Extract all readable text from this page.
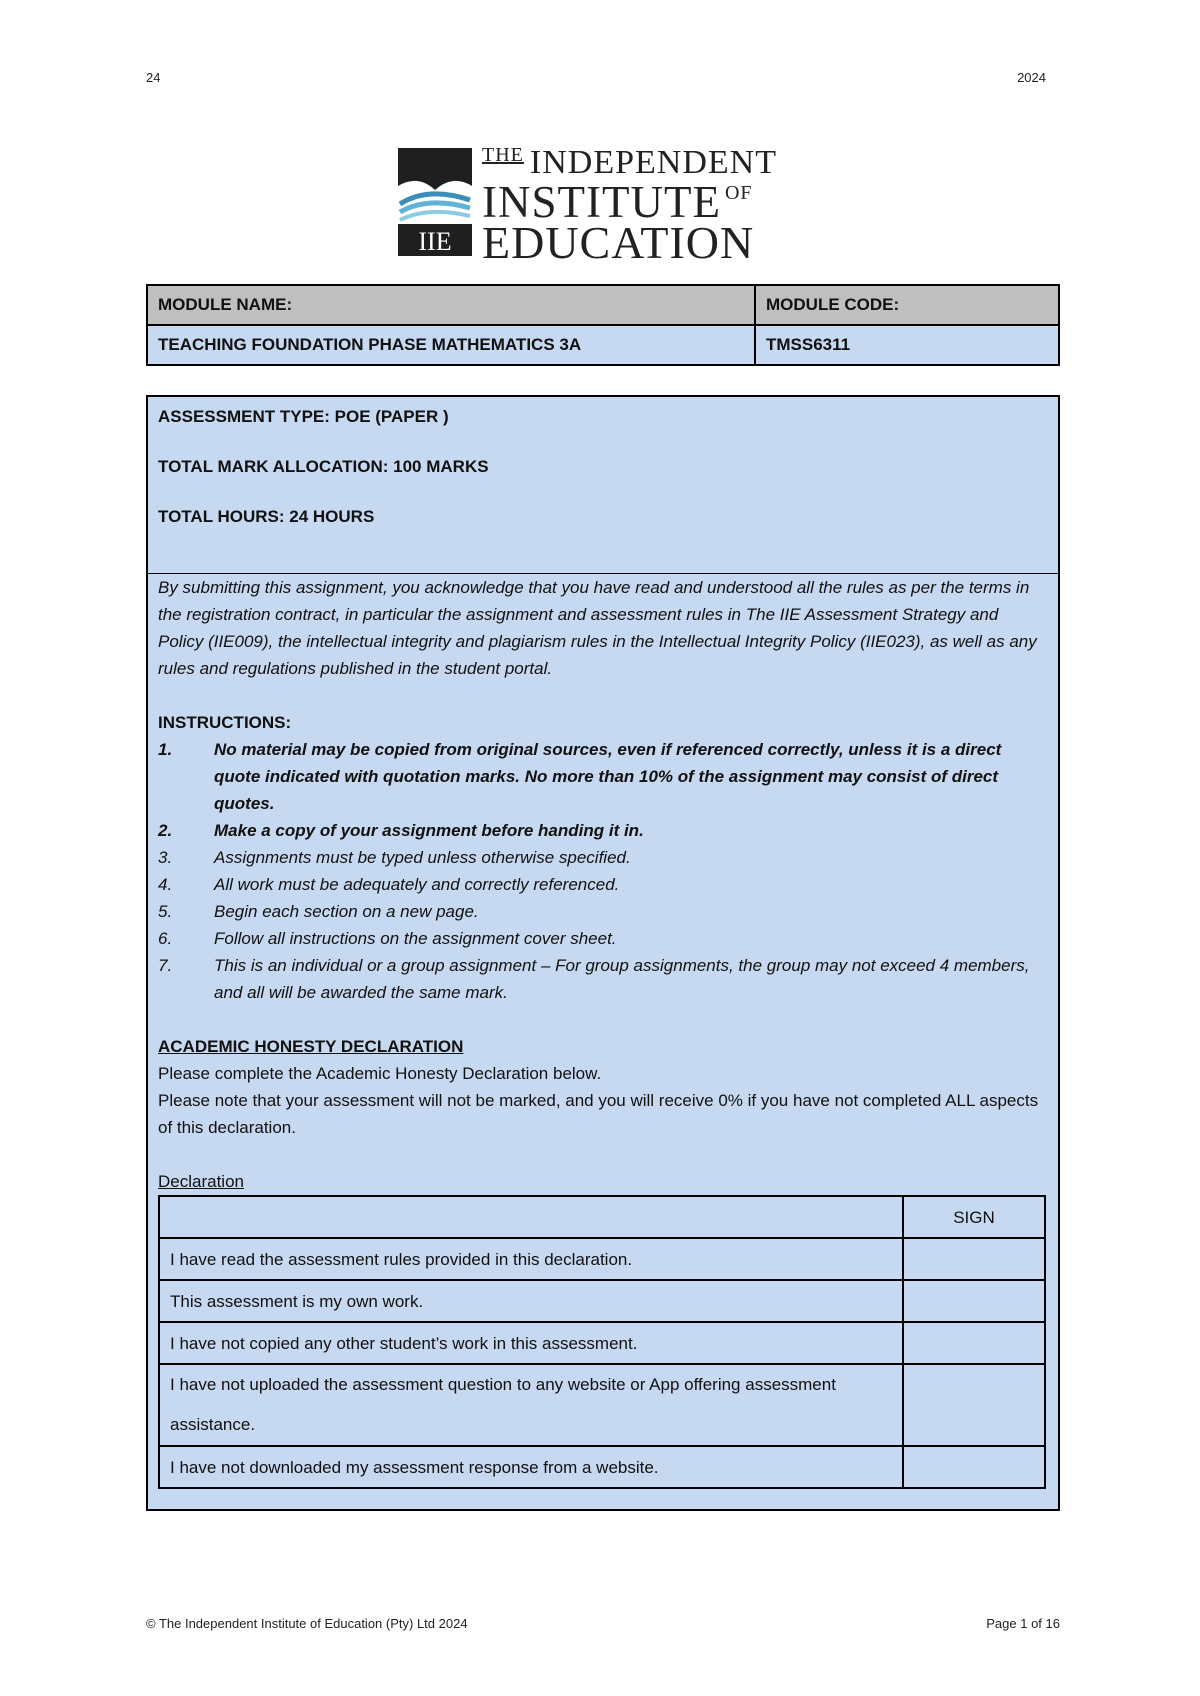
24	2024
IIE
$^{THE}$ INDEPENDENT
INSTITUTE $^{OF}$
EDUCATION
MODULE NAME:	MODULE CODE:
TEACHING FOUNDATION PHASE MATHEMATICS 3A	TMSS6311

ASSESSMENT TYPE: POE (PAPER )

TOTAL MARK ALLOCATION: 100 MARKS

TOTAL HOURS: 24 HOURS

By submitting this assignment, you acknowledge that you have read and understood all the rules as per the terms in the registration contract, in particular the assignment and assessment rules in The IIE Assessment Strategy and Policy (IIE009), the intellectual integrity and plagiarism rules in the Intellectual Integrity Policy (IIE023), as well as any rules and regulations published in the student portal.

INSTRUCTIONS:

1. No material may be copied from original sources, even if referenced correctly, unless it is a direct quote indicated with quotation marks. No more than 10% of the assignment may consist of direct quotes.
2. Make a copy of your assignment before handing it in.
3. Assignments must be typed unless otherwise specified.
4. All work must be adequately and correctly referenced.
5. Begin each section on a new page.
6. Follow all instructions on the assignment cover sheet.
7. This is an individual or a group assignment – For group assignments, the group may not exceed 4 members, and all will be awarded the same mark.
ACADEMIC HONESTY DECLARATION
Please complete the Academic Honesty Declaration below.
Please note that your assessment will not be marked, and you will receive 0% if you have not completed ALL aspects of this declaration.
Declaration
	SIGN
I have read the assessment rules provided in this declaration.	
This assessment is my own work.	
I have not copied any other student’s work in this assessment.	
I have not uploaded the assessment question to any website or App offering assessment assistance.	
I have not downloaded my assessment response from a website.	
© The Independent Institute of Education (Pty) Ltd 2024	Page 1 of 16
